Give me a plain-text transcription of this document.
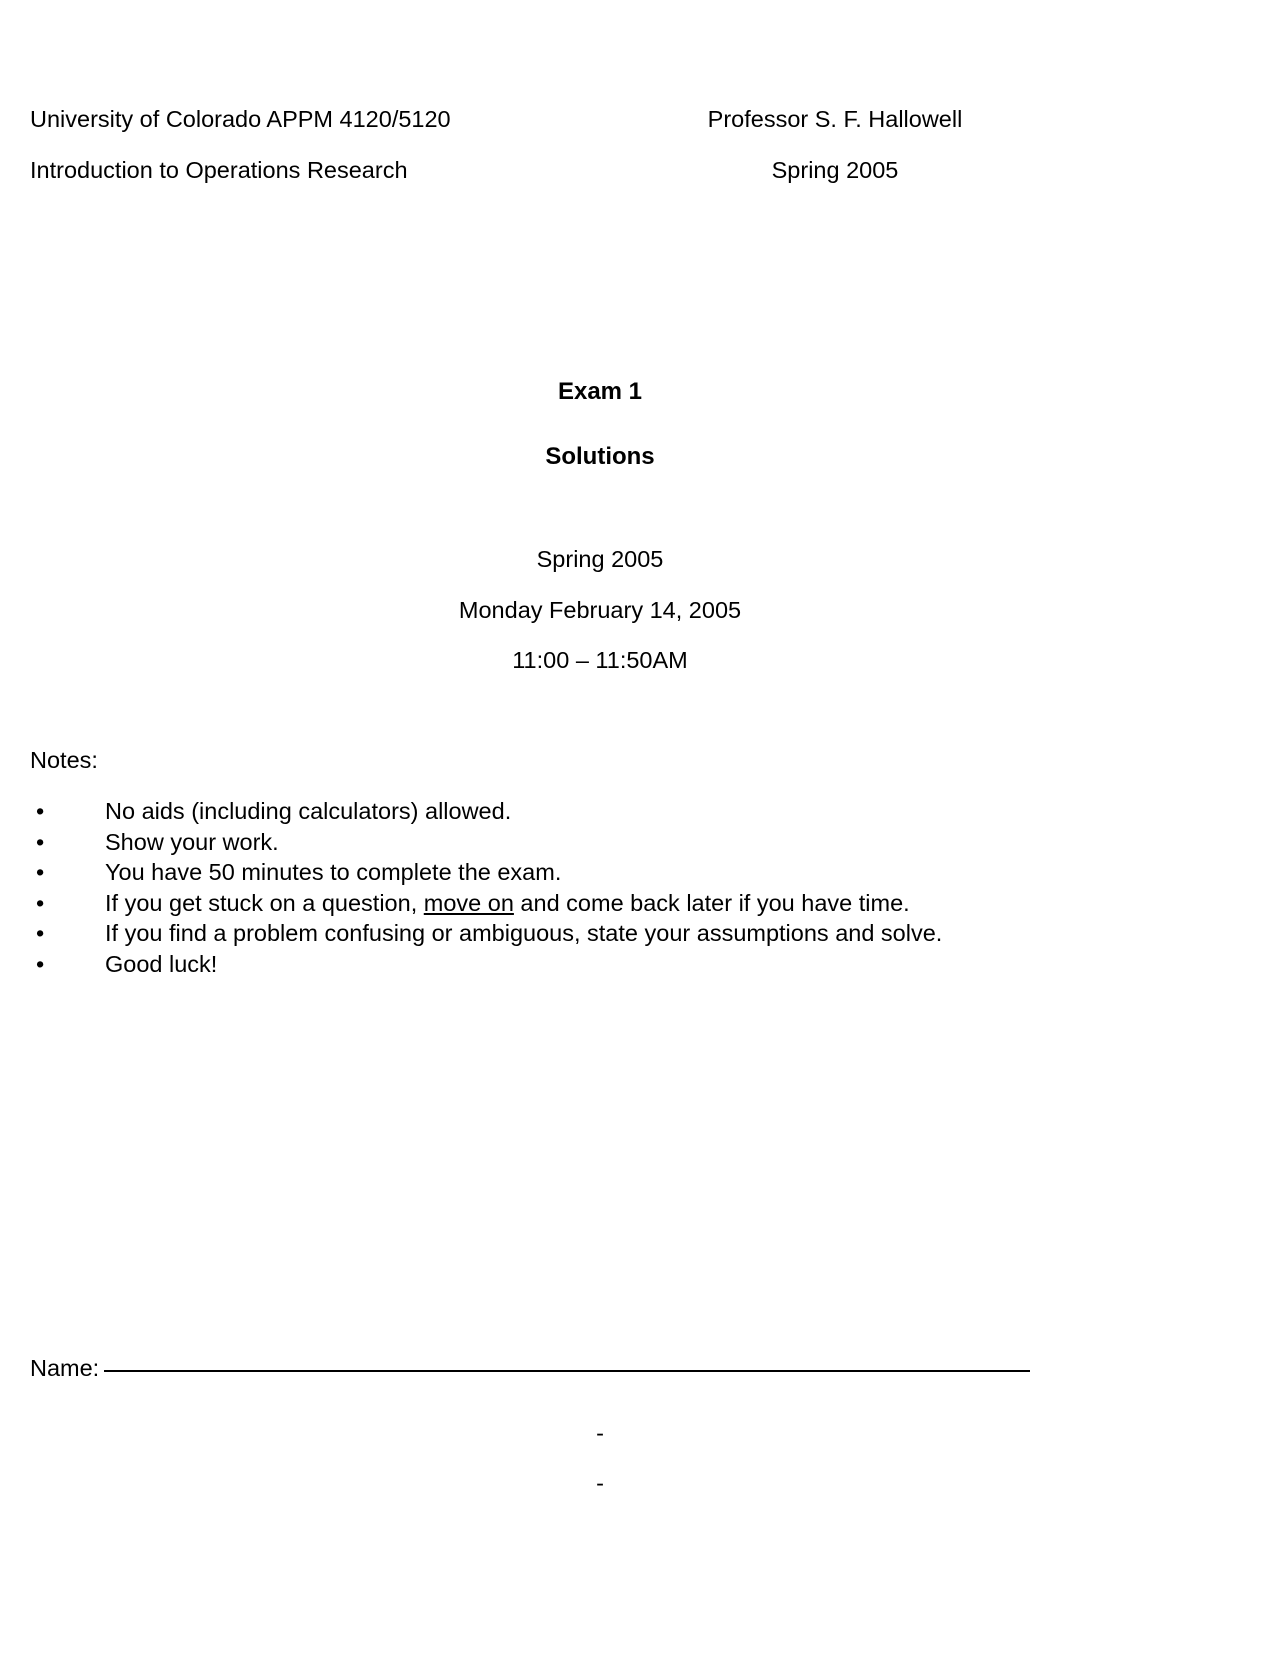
University of Colorado APPM 4120/5120	Professor S. F. Hallowell
Introduction to Operations Research	Spring 2005
Exam 1
Solutions
Spring 2005
Monday February 14, 2005
11:00 – 11:50AM
Notes:
•	No aids (including calculators) allowed.
•	Show your work.
•	You have 50 minutes to complete the exam.
•	If you get stuck on a question, move on and come back later if you have time.
•	If you find a problem confusing or ambiguous, state your assumptions and solve.
•	Good luck!
Name:
-
-
